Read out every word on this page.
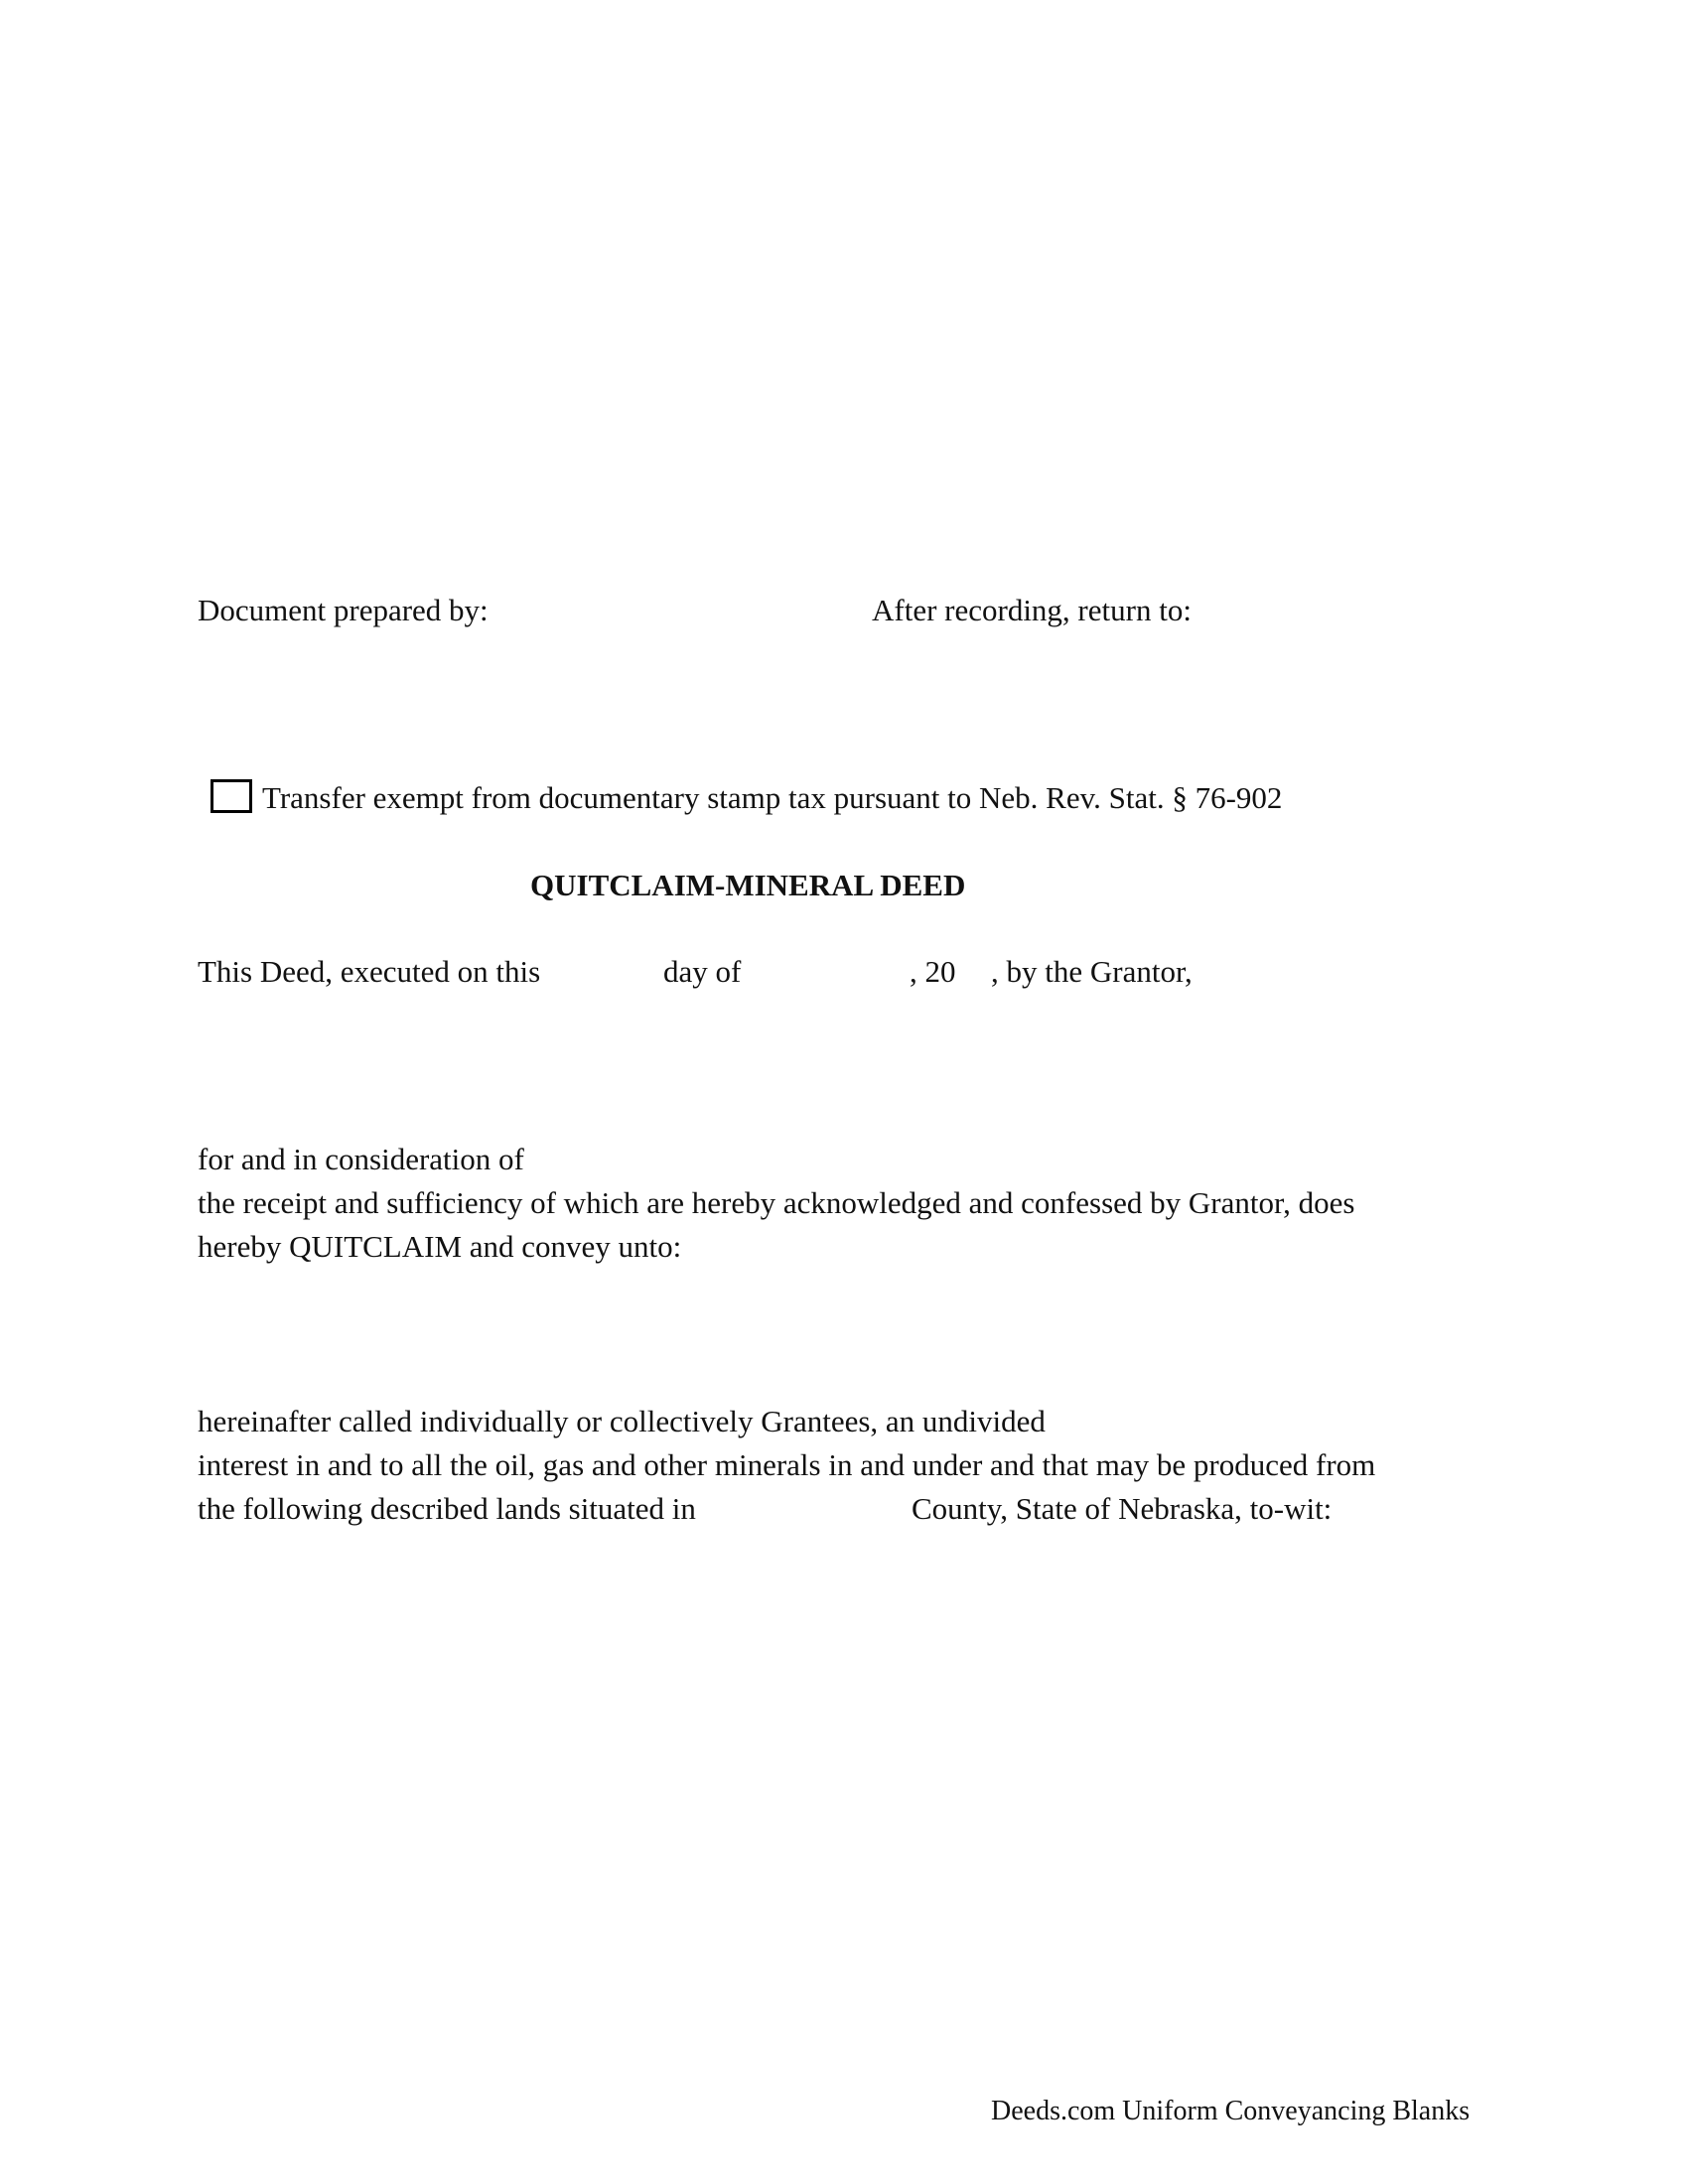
Document prepared by:	After recording, return to:
Transfer exempt from documentary stamp tax pursuant to Neb. Rev. Stat. § 76-902
QUITCLAIM-MINERAL DEED
This Deed, executed on this	day of	, 20 , by the Grantor,
for and in consideration of
the receipt and sufficiency of which are hereby acknowledged and confessed by Grantor, does
hereby QUITCLAIM and convey unto:
hereinafter called individually or collectively Grantees, an undivided
interest in and to all the oil, gas and other minerals in and under and that may be produced from
the following described lands situated in	County, State of Nebraska, to-wit:
Deeds.com Uniform Conveyancing Blanks
